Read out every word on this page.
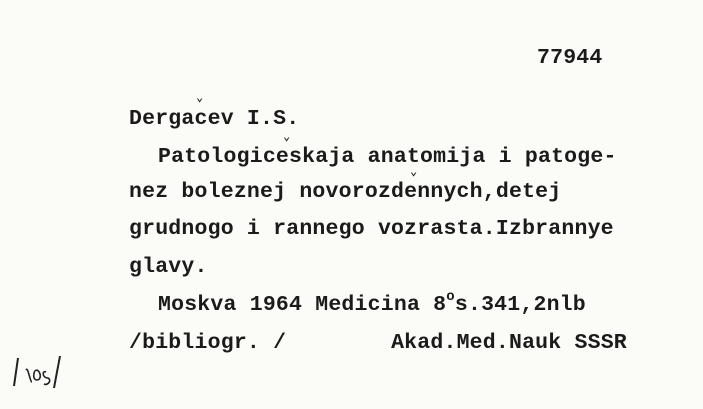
77944
Dergacev I.S.
⌄
Patologiceskaja anatomija i patoge-
⌄
nez boleznej novorozdennych,detej
⌄
grudnogo i rannego vozrasta.Izbrannye
glavy.
Moskva 1964 Medicina 8$^o$s.341,2nlb
/bibliogr. /	Akad.Med.Nauk SSSR
